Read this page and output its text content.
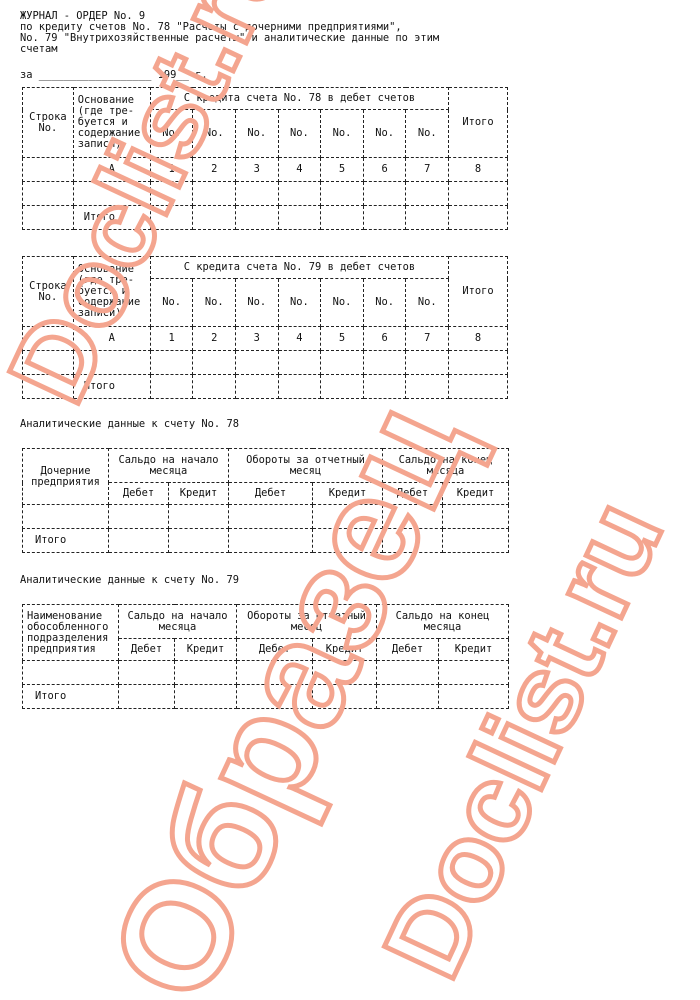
ЖУРНАЛ - ОРДЕР No. 9
по кредиту счетов No. 78 "Расчеты с дочерними предприятиями",
No. 79 "Внутрихозяйственные расчеты" и аналитические данные по этим
счетам
за __________________ 199__ г.
Строка No.	Основание (где тре- буется и содержание записи)	С кредита счета No. 78 в дебет счетов							Итого
		No.	No.	No.	No.	No.	No.	No.	
	А	1	2	3	4	5	6	7	8

	Итого								
Строка No.	Основание (где тре- буется и содержание записи)	С кредита счета No. 79 в дебет счетов							Итого
		No.	No.	No.	No.	No.	No.	No.	
	А	1	2	3	4	5	6	7	8

	Итого								
Аналитические данные к счету No. 78
Дочерние предприятия	Сальдо на начало месяца		Обороты за отчетный месяц		Сальдо на конец месяца	
	Дебет	Кредит	Дебет	Кредит	Дебет	Кредит

Итого						
Аналитические данные к счету No. 79
Наименование обособленного подразделения предприятия	Сальдо на начало месяца		Обороты за отчетный месяц		Сальдо на конец месяца	
	Дебет	Кредит	Дебет	Кредит	Дебет	Кредит

Итого						
